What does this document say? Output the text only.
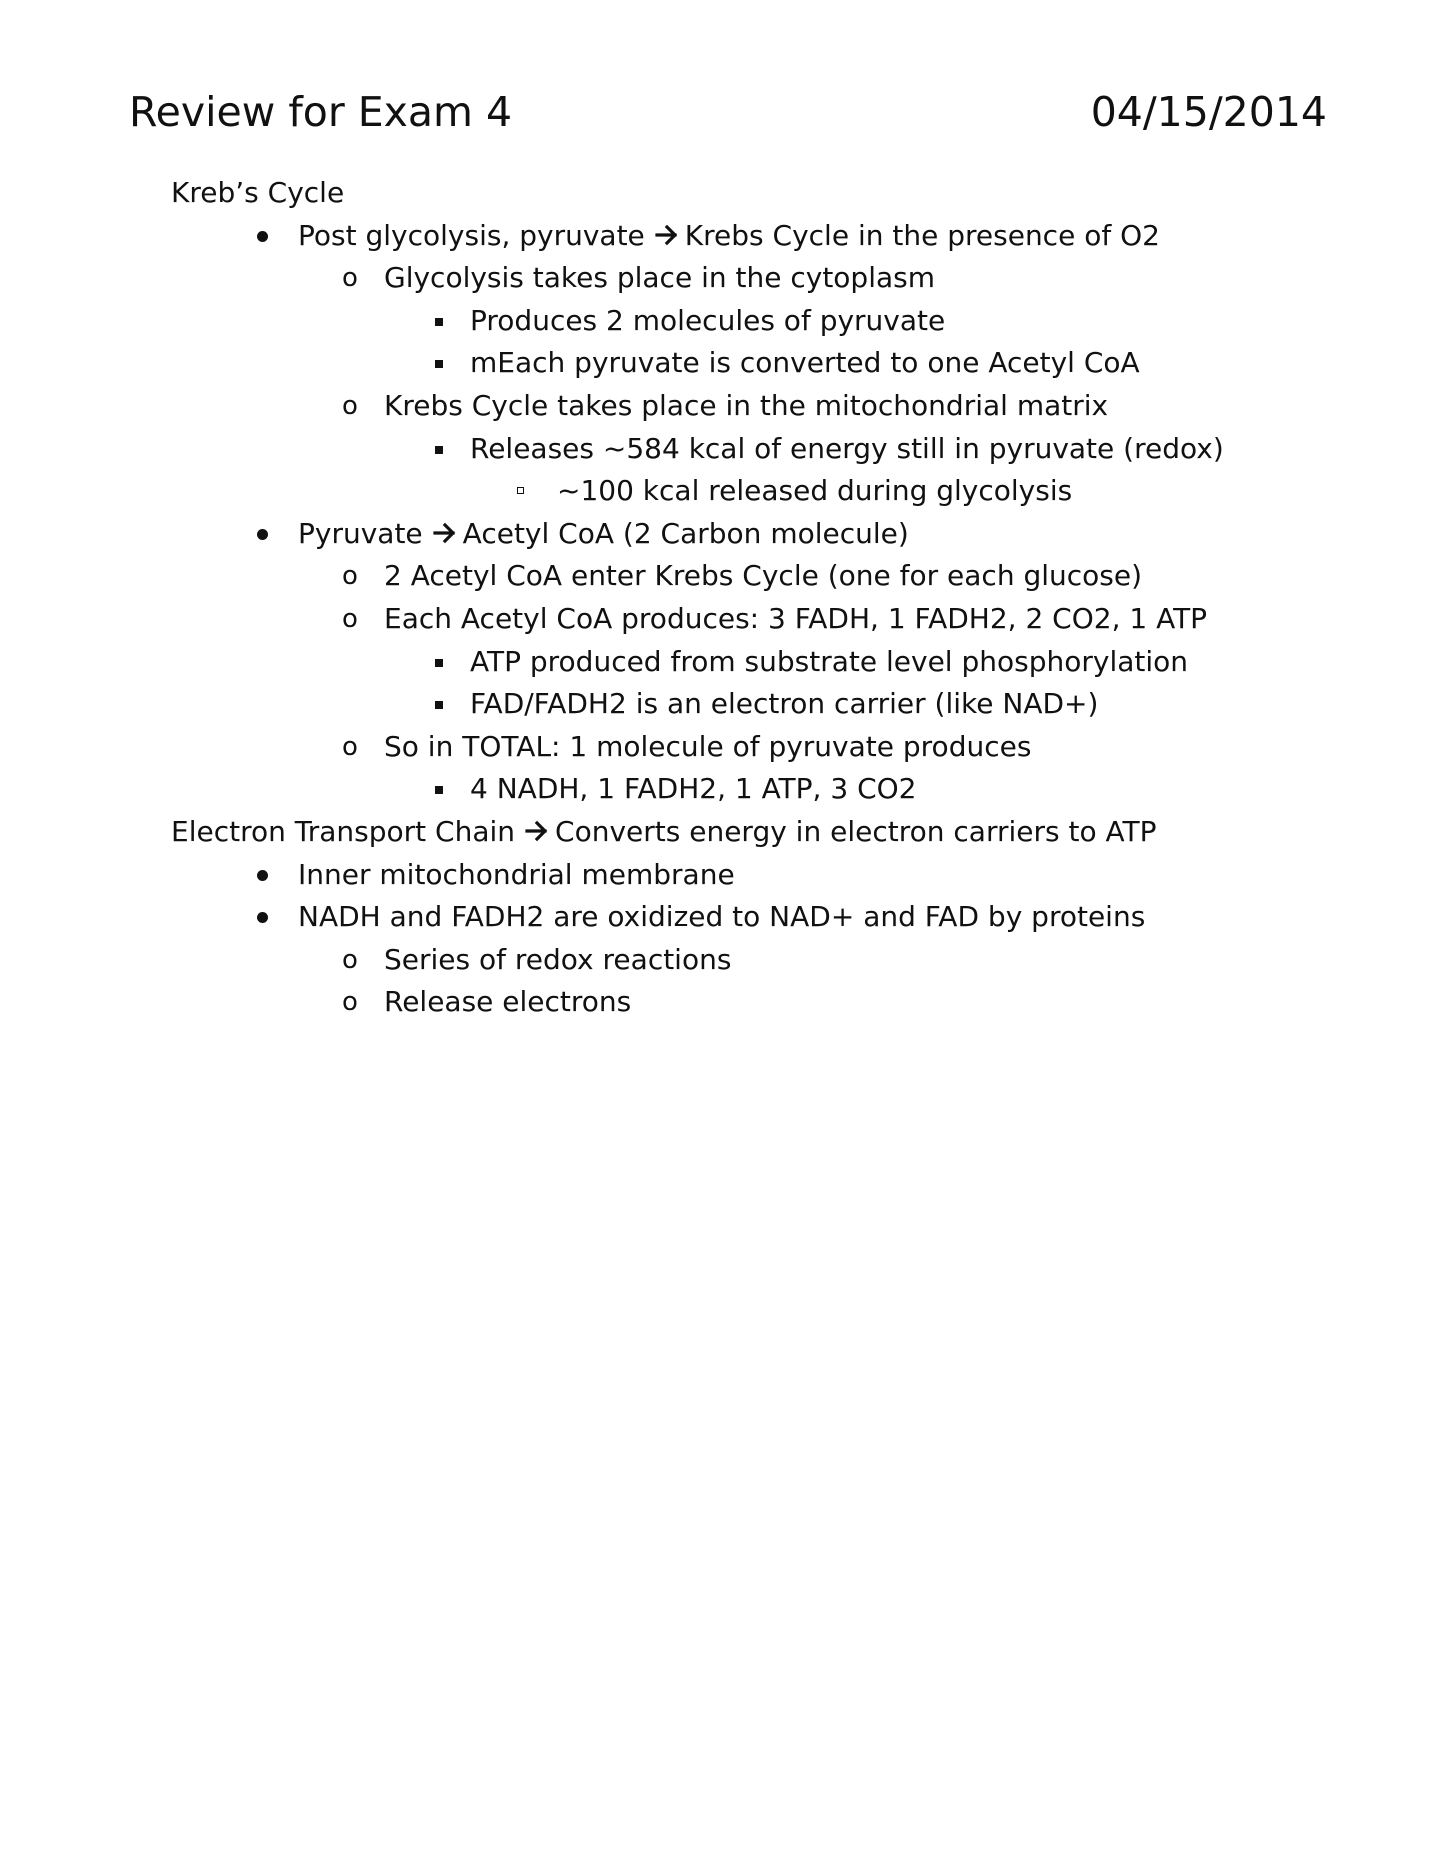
Review for Exam 4	04/15/2014
Kreb’s Cycle
Post glycolysis, pyruvate Krebs Cycle in the presence of O2
o Glycolysis takes place in the cytoplasm
Produces 2 molecules of pyruvate
mEach pyruvate is converted to one Acetyl CoA
o Krebs Cycle takes place in the mitochondrial matrix
Releases ~584 kcal of energy still in pyruvate (redox)
~100 kcal released during glycolysis
Pyruvate Acetyl CoA (2 Carbon molecule)
o 2 Acetyl CoA enter Krebs Cycle (one for each glucose)
o Each Acetyl CoA produces: 3 FADH, 1 FADH2, 2 CO2, 1 ATP
ATP produced from substrate level phosphorylation
FAD/FADH2 is an electron carrier (like NAD+)
o So in TOTAL: 1 molecule of pyruvate produces
4 NADH, 1 FADH2, 1 ATP, 3 CO2
Electron Transport Chain Converts energy in electron carriers to ATP
Inner mitochondrial membrane
NADH and FADH2 are oxidized to NAD+ and FAD by proteins
o Series of redox reactions
o Release electrons
